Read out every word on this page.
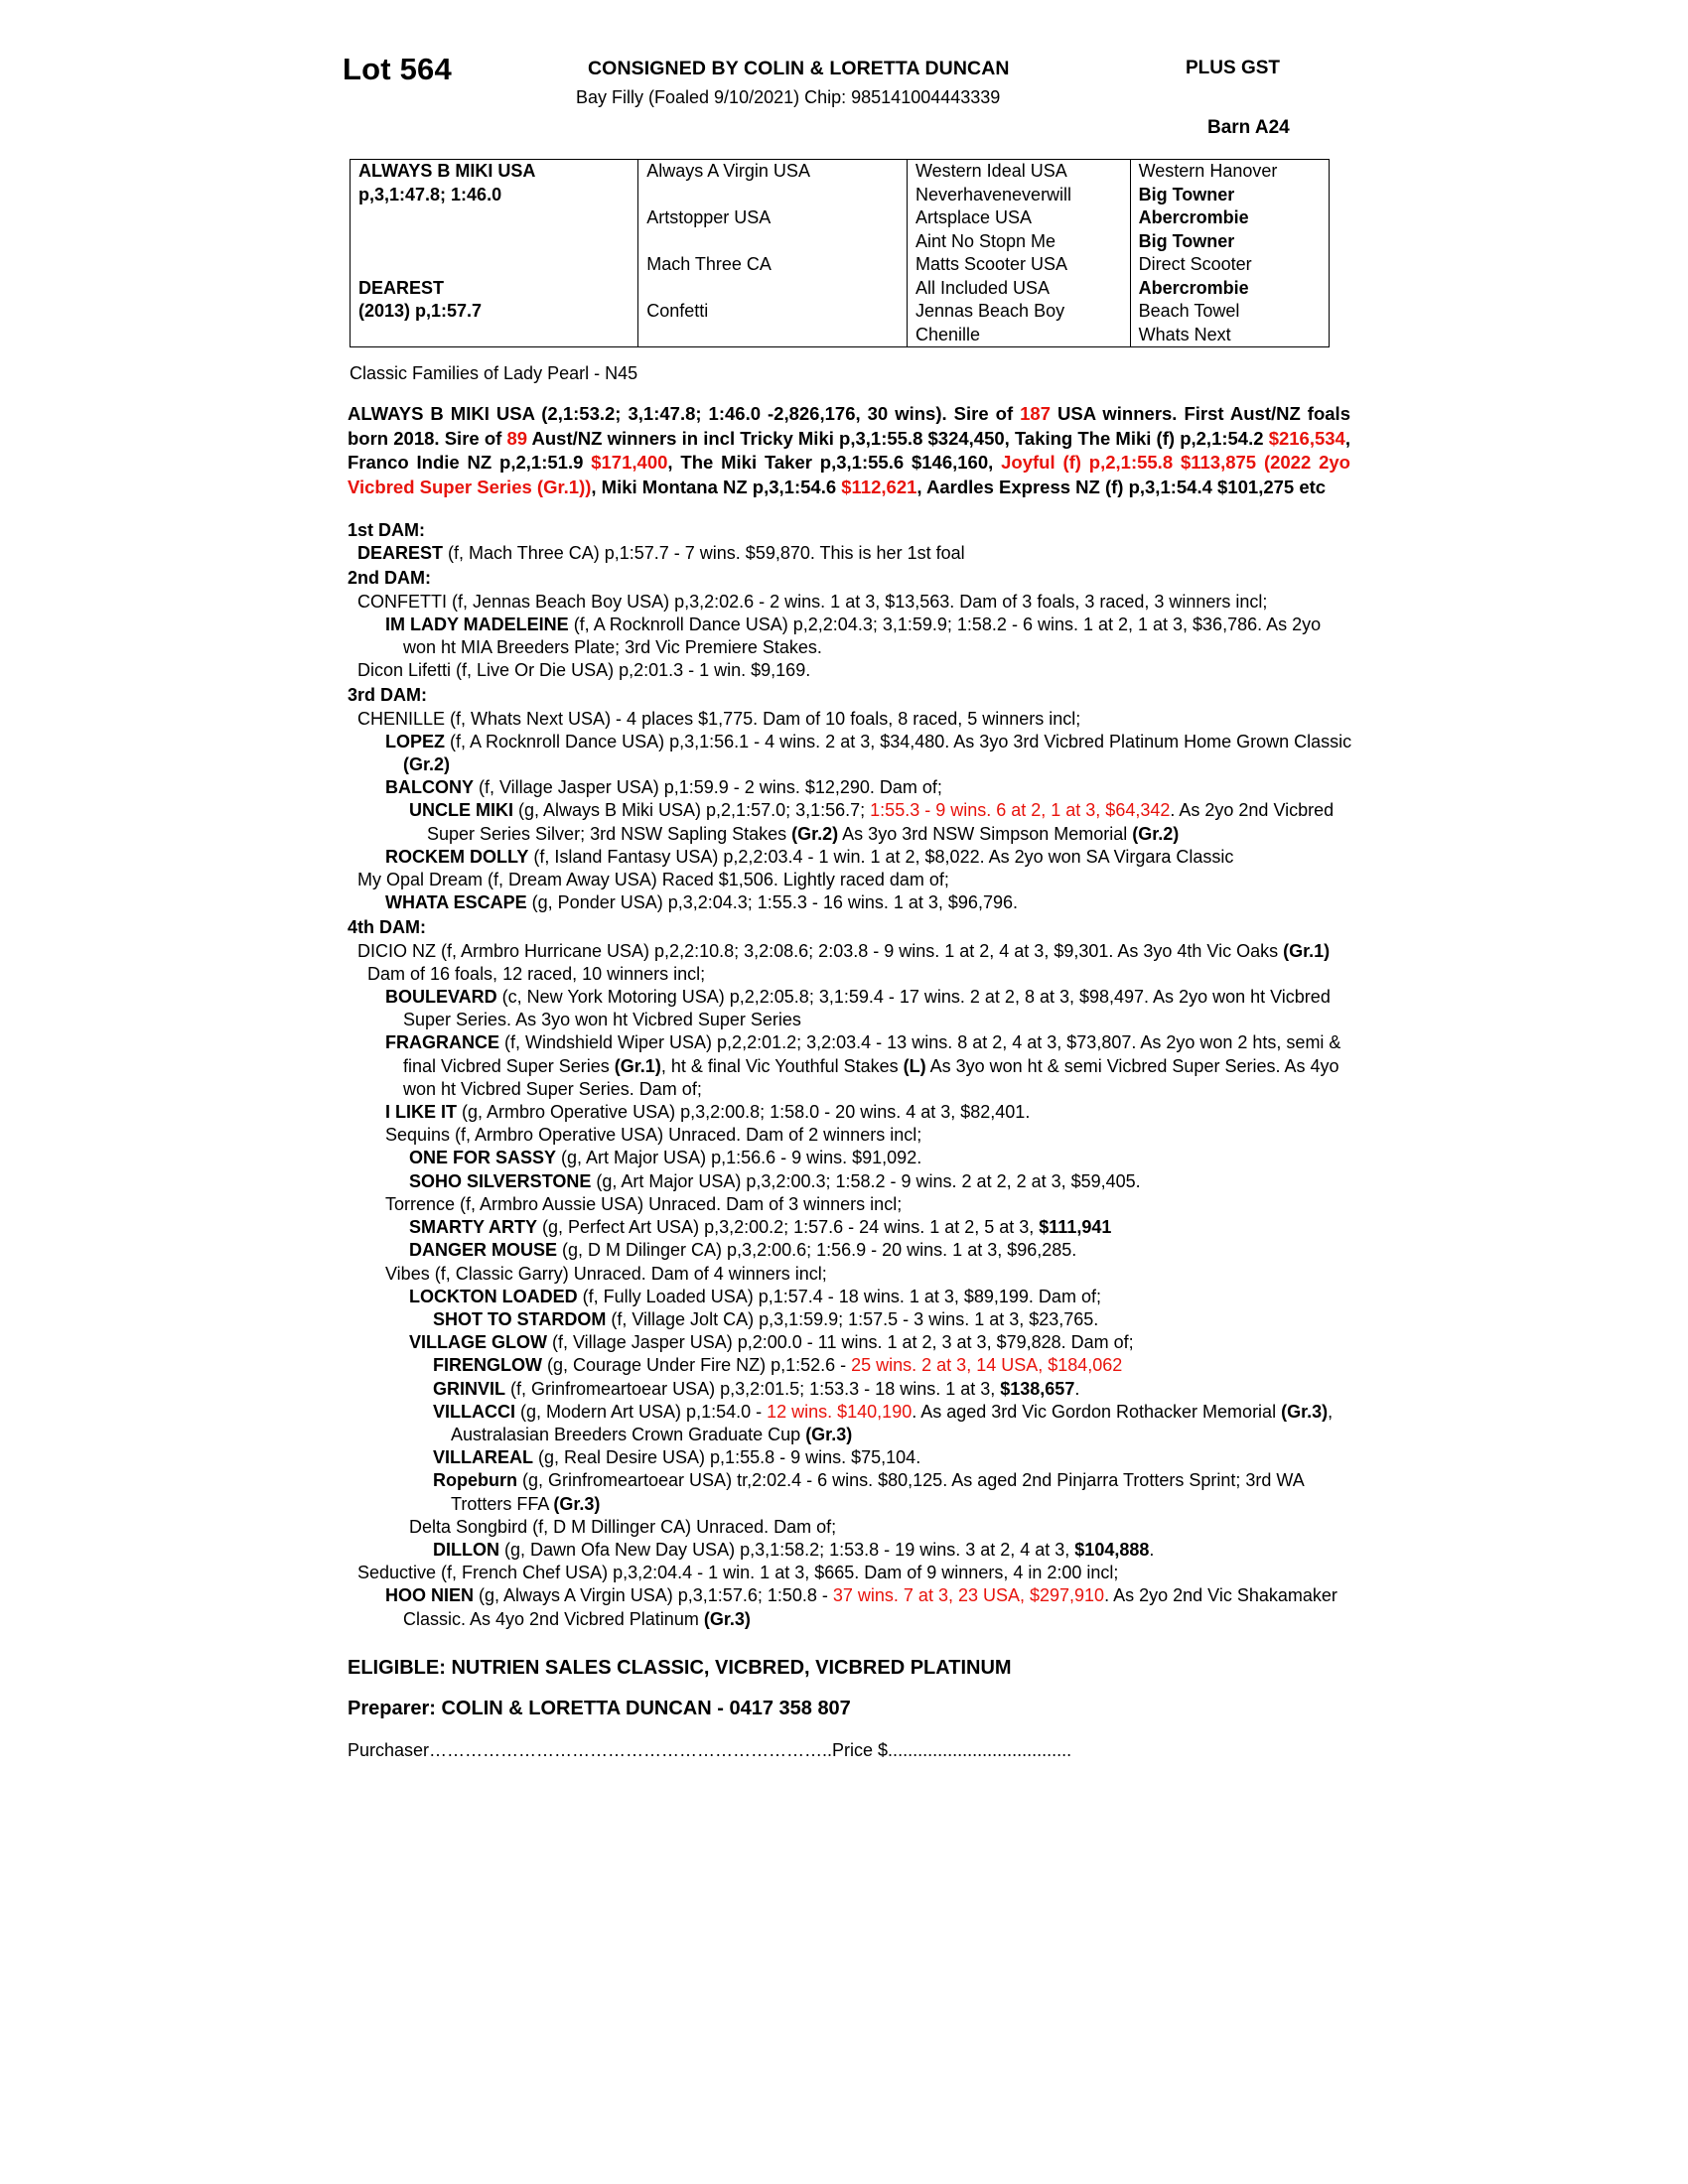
Lot 564	CONSIGNED BY COLIN & LORETTA DUNCAN
Bay Filly (Foaled 9/10/2021) Chip: 985141004443339
PLUS GST
Barn A24
ALWAYS B MIKI USA	Always A Virgin USA	Western Ideal USA	Western Hanover
p,3,1:47.8; 1:46.0		Neverhaveneverwill	Big Towner
	Artstopper USA	Artsplace USA	Abercrombie
		Aint No Stopn Me	Big Towner
	Mach Three CA	Matts Scooter USA	Direct Scooter
DEAREST		All Included USA	Abercrombie
(2013) p,1:57.7	Confetti	Jennas Beach Boy	Beach Towel
		Chenille	Whats Next
Classic Families of Lady Pearl - N45
ALWAYS B MIKI USA (2,1:53.2; 3,1:47.8; 1:46.0 -2,826,176, 30 wins). Sire of 187 USA winners. First Aust/NZ foals born 2018. Sire of 89 Aust/NZ winners in incl Tricky Miki p,3,1:55.8 $324,450, Taking The Miki (f) p,2,1:54.2 $216,534, Franco Indie NZ p,2,1:51.9 $171,400, The Miki Taker p,3,1:55.6 $146,160, Joyful (f) p,2,1:55.8 $113,875 (2022 2yo Vicbred Super Series (Gr.1)), Miki Montana NZ p,3,1:54.6 $112,621, Aardles Express NZ (f) p,3,1:54.4 $101,275 etc
1st DAM:
DEAREST (f, Mach Three CA) p,1:57.7 - 7 wins. $59,870. This is her 1st foal
2nd DAM:
CONFETTI (f, Jennas Beach Boy USA) p,3,2:02.6 - 2 wins. 1 at 3, $13,563. Dam of 3 foals, 3 raced, 3 winners incl;
IM LADY MADELEINE (f, A Rocknroll Dance USA) p,2,2:04.3; 3,1:59.9; 1:58.2 - 6 wins. 1 at 2, 1 at 3, $36,786. As 2yo won ht MIA Breeders Plate; 3rd Vic Premiere Stakes.
Dicon Lifetti (f, Live Or Die USA) p,2:01.3 - 1 win. $9,169.
3rd DAM:
CHENILLE (f, Whats Next USA) - 4 places $1,775. Dam of 10 foals, 8 raced, 5 winners incl;
LOPEZ (f, A Rocknroll Dance USA) p,3,1:56.1 - 4 wins. 2 at 3, $34,480. As 3yo 3rd Vicbred Platinum Home Grown Classic (Gr.2)
BALCONY (f, Village Jasper USA) p,1:59.9 - 2 wins. $12,290. Dam of;
UNCLE MIKI (g, Always B Miki USA) p,2,1:57.0; 3,1:56.7; 1:55.3 - 9 wins. 6 at 2, 1 at 3, $64,342. As 2yo 2nd Vicbred Super Series Silver; 3rd NSW Sapling Stakes (Gr.2) As 3yo 3rd NSW Simpson Memorial (Gr.2)
ROCKEM DOLLY (f, Island Fantasy USA) p,2,2:03.4 - 1 win. 1 at 2, $8,022. As 2yo won SA Virgara Classic
My Opal Dream (f, Dream Away USA) Raced $1,506. Lightly raced dam of;
WHATA ESCAPE (g, Ponder USA) p,3,2:04.3; 1:55.3 - 16 wins. 1 at 3, $96,796.
4th DAM:
DICIO NZ (f, Armbro Hurricane USA) p,2,2:10.8; 3,2:08.6; 2:03.8 - 9 wins. 1 at 2, 4 at 3, $9,301. As 3yo 4th Vic Oaks (Gr.1) Dam of 16 foals, 12 raced, 10 winners incl;
BOULEVARD (c, New York Motoring USA) p,2,2:05.8; 3,1:59.4 - 17 wins. 2 at 2, 8 at 3, $98,497. As 2yo won ht Vicbred Super Series. As 3yo won ht Vicbred Super Series
FRAGRANCE (f, Windshield Wiper USA) p,2,2:01.2; 3,2:03.4 - 13 wins. 8 at 2, 4 at 3, $73,807. As 2yo won 2 hts, semi & final Vicbred Super Series (Gr.1), ht & final Vic Youthful Stakes (L) As 3yo won ht & semi Vicbred Super Series. As 4yo won ht Vicbred Super Series. Dam of;
I LIKE IT (g, Armbro Operative USA) p,3,2:00.8; 1:58.0 - 20 wins. 4 at 3, $82,401.
Sequins (f, Armbro Operative USA) Unraced. Dam of 2 winners incl;
ONE FOR SASSY (g, Art Major USA) p,1:56.6 - 9 wins. $91,092.
SOHO SILVERSTONE (g, Art Major USA) p,3,2:00.3; 1:58.2 - 9 wins. 2 at 2, 2 at 3, $59,405.
Torrence (f, Armbro Aussie USA) Unraced. Dam of 3 winners incl;
SMARTY ARTY (g, Perfect Art USA) p,3,2:00.2; 1:57.6 - 24 wins. 1 at 2, 5 at 3, $111,941
DANGER MOUSE (g, D M Dilinger CA) p,3,2:00.6; 1:56.9 - 20 wins. 1 at 3, $96,285.
Vibes (f, Classic Garry) Unraced. Dam of 4 winners incl;
LOCKTON LOADED (f, Fully Loaded USA) p,1:57.4 - 18 wins. 1 at 3, $89,199. Dam of;
SHOT TO STARDOM (f, Village Jolt CA) p,3,1:59.9; 1:57.5 - 3 wins. 1 at 3, $23,765.
VILLAGE GLOW (f, Village Jasper USA) p,2:00.0 - 11 wins. 1 at 2, 3 at 3, $79,828. Dam of;
FIRENGLOW (g, Courage Under Fire NZ) p,1:52.6 - 25 wins. 2 at 3, 14 USA, $184,062
GRINVIL (f, Grinfromeartoear USA) p,3,2:01.5; 1:53.3 - 18 wins. 1 at 3, $138,657.
VILLACCI (g, Modern Art USA) p,1:54.0 - 12 wins. $140,190. As aged 3rd Vic Gordon Rothacker Memorial (Gr.3), Australasian Breeders Crown Graduate Cup (Gr.3)
VILLAREAL (g, Real Desire USA) p,1:55.8 - 9 wins. $75,104.
Ropeburn (g, Grinfromeartoear USA) tr,2:02.4 - 6 wins. $80,125. As aged 2nd Pinjarra Trotters Sprint; 3rd WA Trotters FFA (Gr.3)
Delta Songbird (f, D M Dillinger CA) Unraced. Dam of;
DILLON (g, Dawn Ofa New Day USA) p,3,1:58.2; 1:53.8 - 19 wins. 3 at 2, 4 at 3, $104,888.
Seductive (f, French Chef USA) p,3,2:04.4 - 1 win. 1 at 3, $665. Dam of 9 winners, 4 in 2:00 incl;
HOO NIEN (g, Always A Virgin USA) p,3,1:57.6; 1:50.8 - 37 wins. 7 at 3, 23 USA, $297,910. As 2yo 2nd Vic Shakamaker Classic. As 4yo 2nd Vicbred Platinum (Gr.3)
ELIGIBLE: NUTRIEN SALES CLASSIC, VICBRED, VICBRED PLATINUM
Preparer: COLIN & LORETTA DUNCAN - 0417 358 807
Purchaser…………………………………………………………..Price $.....................................
